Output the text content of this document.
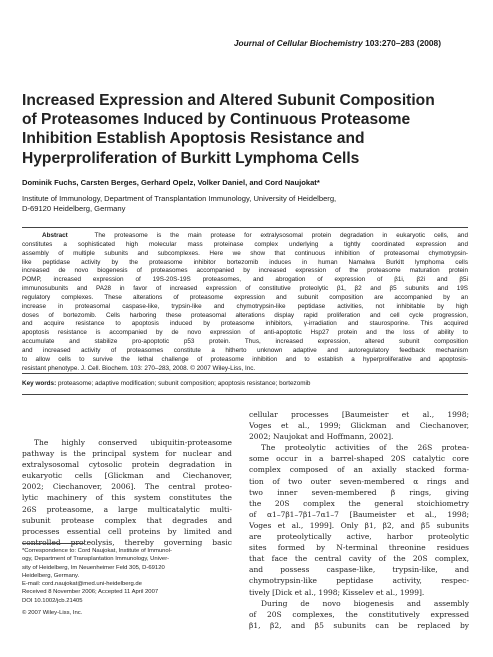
Journal of Cellular Biochemistry 103:270–283 (2008)
Increased Expression and Altered Subunit Composition
of Proteasomes Induced by Continuous Proteasome
Inhibition Establish Apoptosis Resistance and
Hyperproliferation of Burkitt Lymphoma Cells
Dominik Fuchs, Carsten Berges, Gerhard Opelz, Volker Daniel, and Cord Naujokat*
Institute of Immunology, Department of Transplantation Immunology, University of Heidelberg,
D-69120 Heidelberg, Germany
Abstract	The proteasome is the main protease for extralysosomal protein degradation in eukaryotic cells, and
constitutes a sophisticated high molecular mass proteinase complex underlying a tightly coordinated expression and
assembly of multiple subunits and subcomplexes. Here we show that continuous inhibition of proteasomal chymotrypsin-
like peptidase activity by the proteasome inhibitor bortezomib induces in human Namalwa Burkitt lymphoma cells
increased de novo biogenesis of proteasomes accompanied by increased expression of the proteasome maturation protein
POMP, increased expression of 19S-20S-19S proteasomes, and abrogation of expression of β1i, β2i and β5i
immunosubunits and PA28 in favor of increased expression of constitutive proteolytic β1, β2 and β5 subunits and 19S
regulatory complexes. These alterations of proteasome expression and subunit composition are accompanied by an
increase in proteasomal caspase-like, trypsin-like and chymotrypsin-like peptidase activities, not inhibitable by high
doses of bortezomib. Cells harboring these proteasomal alterations display rapid proliferation and cell cycle progression,
and acquire resistance to apoptosis induced by proteasome inhibitors, γ-irradiation and staurosporine. This acquired
apoptosis resistance is accompanied by de novo expression of anti-apoptotic Hsp27 protein and the loss of ability to
accumulate and stabilize pro-apoptotic p53 protein. Thus, increased expression, altered subunit composition
and increased activity of proteasomes constitute a hitherto unknown adaptive and autoregulatory feedback mechanism
to allow cells to survive the lethal challenge of proteasome inhibition and to establish a hyperproliferative and apoptosis-
resistant phenotype. J. Cell. Biochem. 103: 270–283, 2008. © 2007 Wiley-Liss, Inc.
Key words: proteasome; adaptive modification; subunit composition; apoptosis resistance; bortezomib
The highly conserved ubiquitin-proteasome
pathway is the principal system for nuclear and
extralysosomal cytosolic protein degradation in
eukaryotic cells [Glickman and Ciechanover,
2002; Ciechanover, 2006]. The central proteo-
lytic machinery of this system constitutes the
26S proteasome, a large multicatalytic multi-
subunit protease complex that degrades and
processes essential cell proteins by limited and
controlled proteolysis, thereby governing basic
*Correspondence to: Cord Naujokat, Institute of Immunol-
ogy, Department of Transplantation Immunology, Univer-
sity of Heidelberg, Im Neuenheimer Feld 305, D-69120
Heidelberg, Germany.
E-mail: cord.naujokat@med.uni-heidelberg.de
Received 8 November 2006; Accepted 11 April 2007
DOI 10.1002/jcb.21405
© 2007 Wiley-Liss, Inc.
cellular processes [Baumeister et al., 1998;
Voges et al., 1999; Glickman and Ciechanover,
2002; Naujokat and Hoffmann, 2002].
The proteolytic activities of the 26S protea-
some occur in a barrel-shaped 20S catalytic core
complex composed of an axially stacked forma-
tion of two outer seven-membered α rings and
two inner seven-membered β rings, giving
the 20S complex the general stoichiometry
of α1–7β1–7β1–7α1–7 [Baumeister et al., 1998;
Voges et al., 1999]. Only β1, β2, and β5 subunits
are proteolytically active, harbor proteolytic
sites formed by N-terminal threonine residues
that face the central cavity of the 20S complex,
and possess caspase-like, trypsin-like, and
chymotrypsin-like peptidase activity, respec-
tively [Dick et al., 1998; Kisselev et al., 1999].
During de novo biogenesis and assembly
of 20S complexes, the constitutively expressed
β1, β2, and β5 subunits can be replaced by
